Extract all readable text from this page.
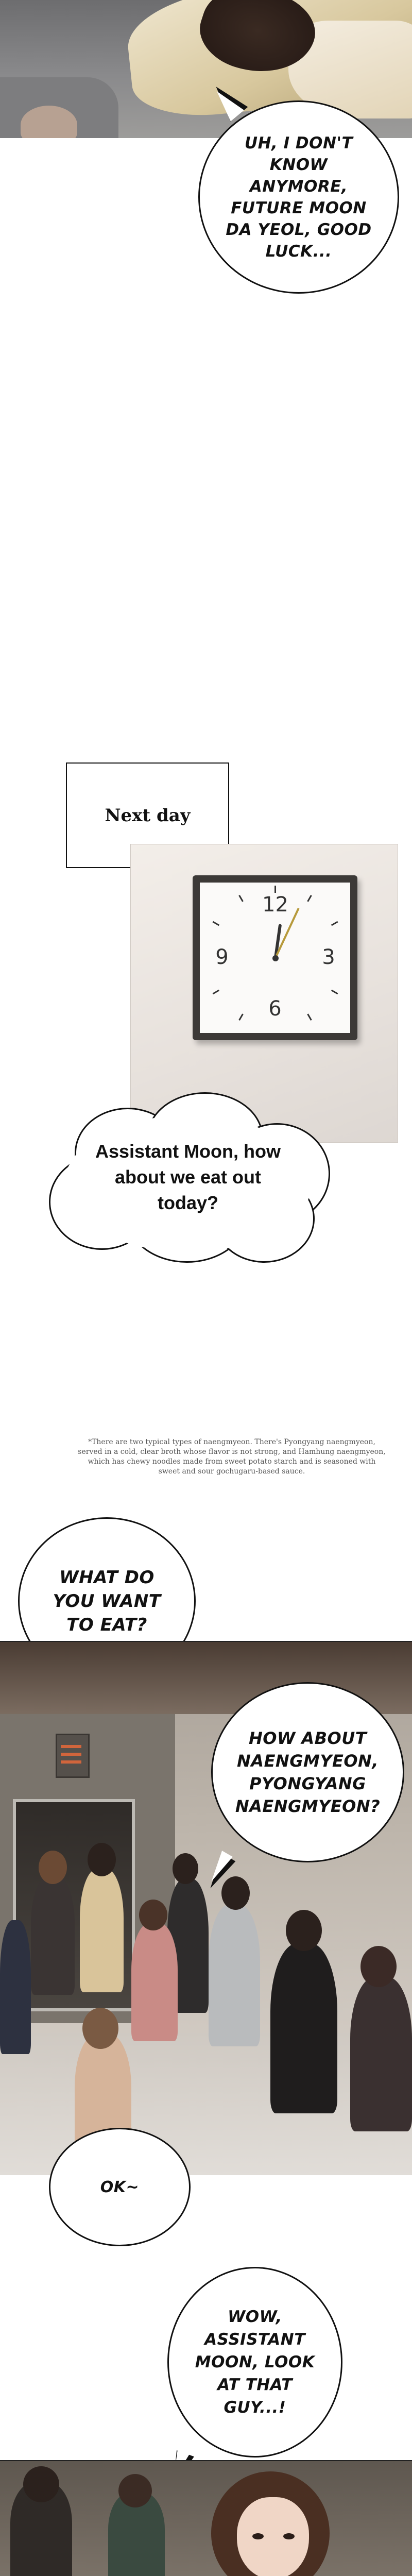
UH, I DON'T KNOW ANYMORE, FUTURE MOON DA YEOL, GOOD LUCK...
Next day
12
3
6
9
Assistant Moon, how about we eat out today?
*There are two typical types of naengmyeon. There's Pyongyang naengmyeon, served in a cold, clear broth whose flavor is not strong, and Hamhung naengmyeon, which has chewy noodles made from sweet potato starch and is seasoned with sweet and sour gochugaru-based sauce.
WHAT DO YOU WANT TO EAT?
HOW ABOUT NAENGMYEON, PYONGYANG NAENGMYEON?
OK~
WOW, ASSISTANT MOON, LOOK AT THAT GUY...!
